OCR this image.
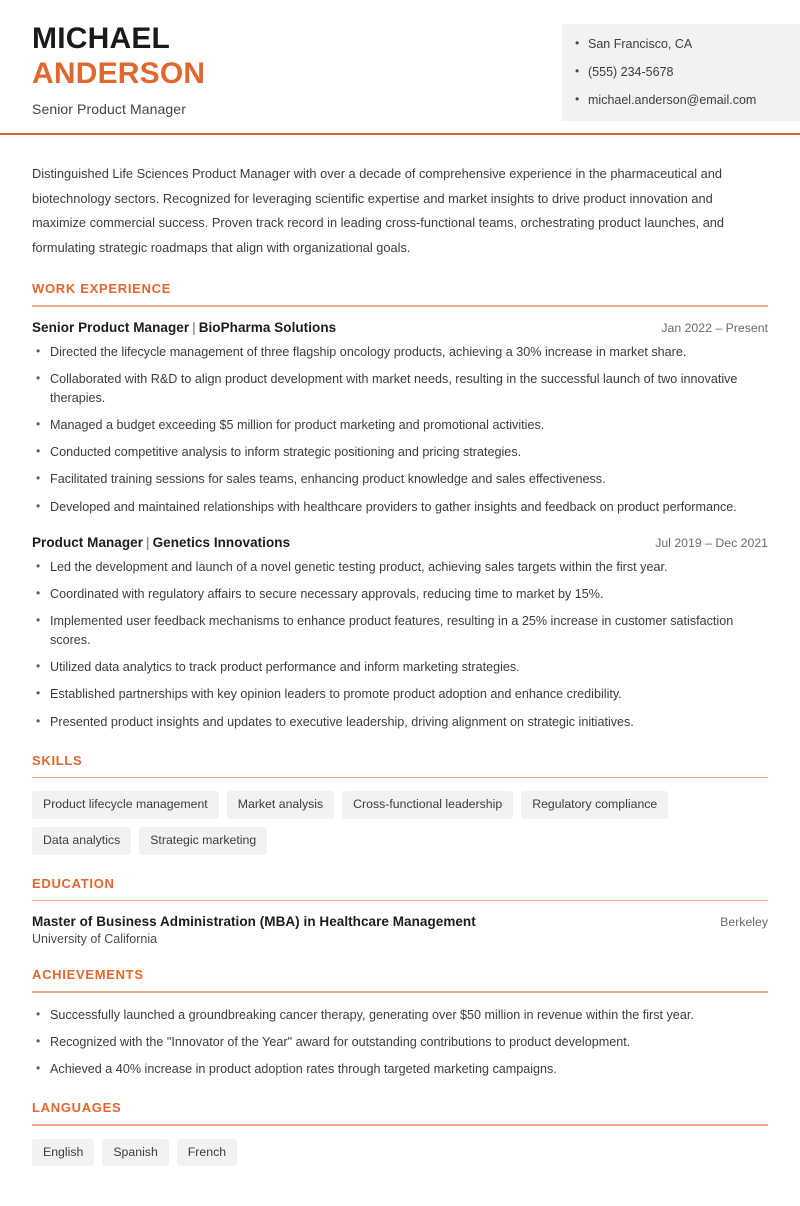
MICHAEL
ANDERSON
Senior Product Manager
• San Francisco, CA
• (555) 234-5678
• michael.anderson@email.com

Distinguished Life Sciences Product Manager with over a decade of comprehensive experience in the pharmaceutical and biotechnology sectors. Recognized for leveraging scientific expertise and market insights to drive product innovation and maximize commercial success. Proven track record in leading cross-functional teams, orchestrating product launches, and formulating strategic roadmaps that align with organizational goals.

WORK EXPERIENCE
Senior Product Manager | BioPharma Solutions	Jan 2022 – Present
• Directed the lifecycle management of three flagship oncology products, achieving a 30% increase in market share.
• Collaborated with R&D to align product development with market needs, resulting in the successful launch of two innovative therapies.
• Managed a budget exceeding $5 million for product marketing and promotional activities.
• Conducted competitive analysis to inform strategic positioning and pricing strategies.
• Facilitated training sessions for sales teams, enhancing product knowledge and sales effectiveness.
• Developed and maintained relationships with healthcare providers to gather insights and feedback on product performance.
Product Manager | Genetics Innovations	Jul 2019 – Dec 2021
• Led the development and launch of a novel genetic testing product, achieving sales targets within the first year.
• Coordinated with regulatory affairs to secure necessary approvals, reducing time to market by 15%.
• Implemented user feedback mechanisms to enhance product features, resulting in a 25% increase in customer satisfaction scores.
• Utilized data analytics to track product performance and inform marketing strategies.
• Established partnerships with key opinion leaders to promote product adoption and enhance credibility.
• Presented product insights and updates to executive leadership, driving alignment on strategic initiatives.
SKILLS
Product lifecycle management	Market analysis	Cross-functional leadership	Regulatory compliance
Data analytics	Strategic marketing
EDUCATION
Master of Business Administration (MBA) in Healthcare Management	Berkeley
University of California
ACHIEVEMENTS
• Successfully launched a groundbreaking cancer therapy, generating over $50 million in revenue within the first year.
• Recognized with the "Innovator of the Year" award for outstanding contributions to product development.
• Achieved a 40% increase in product adoption rates through targeted marketing campaigns.
LANGUAGES
English	Spanish	French
